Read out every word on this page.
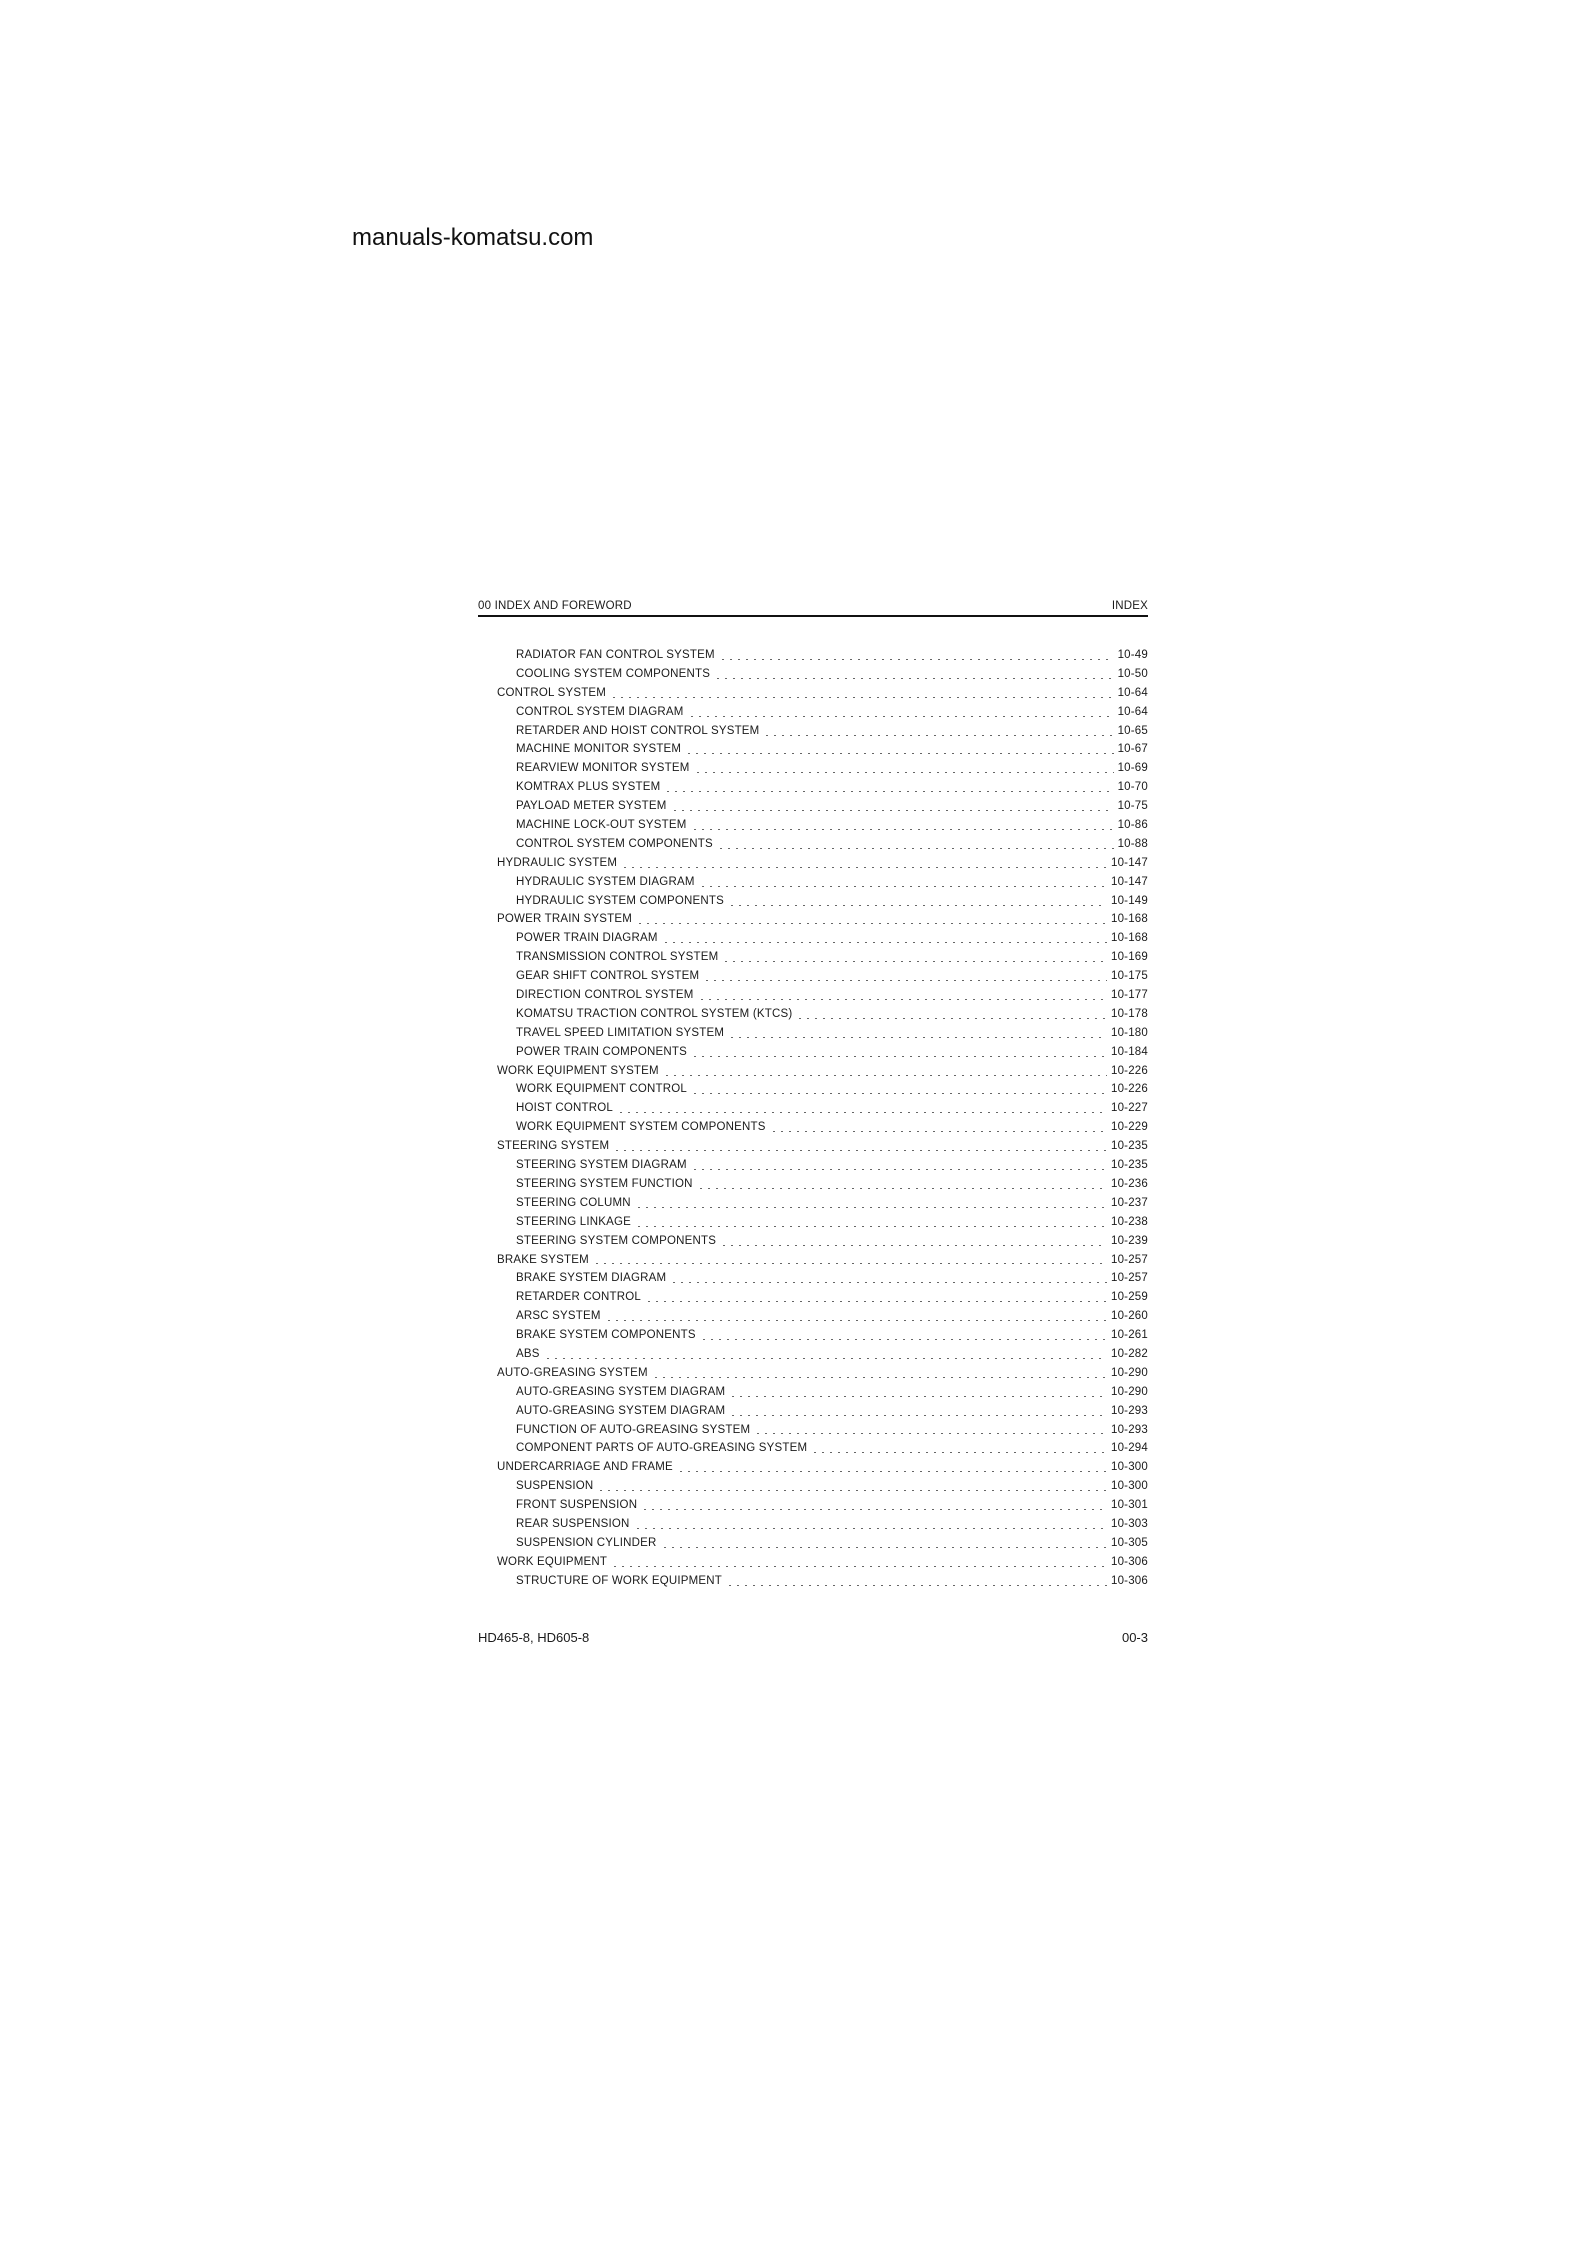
manuals-komatsu.com
00 INDEX AND FOREWORD	INDEX
RADIATOR FAN CONTROL SYSTEM	10-49
COOLING SYSTEM COMPONENTS	10-50
CONTROL SYSTEM	10-64
CONTROL SYSTEM DIAGRAM	10-64
RETARDER AND HOIST CONTROL SYSTEM	10-65
MACHINE MONITOR SYSTEM	10-67
REARVIEW MONITOR SYSTEM	10-69
KOMTRAX PLUS SYSTEM	10-70
PAYLOAD METER SYSTEM	10-75
MACHINE LOCK-OUT SYSTEM	10-86
CONTROL SYSTEM COMPONENTS	10-88
HYDRAULIC SYSTEM	10-147
HYDRAULIC SYSTEM DIAGRAM	10-147
HYDRAULIC SYSTEM COMPONENTS	10-149
POWER TRAIN SYSTEM	10-168
POWER TRAIN DIAGRAM	10-168
TRANSMISSION CONTROL SYSTEM	10-169
GEAR SHIFT CONTROL SYSTEM	10-175
DIRECTION CONTROL SYSTEM	10-177
KOMATSU TRACTION CONTROL SYSTEM (KTCS)	10-178
TRAVEL SPEED LIMITATION SYSTEM	10-180
POWER TRAIN COMPONENTS	10-184
WORK EQUIPMENT SYSTEM	10-226
WORK EQUIPMENT CONTROL	10-226
HOIST CONTROL	10-227
WORK EQUIPMENT SYSTEM COMPONENTS	10-229
STEERING SYSTEM	10-235
STEERING SYSTEM DIAGRAM	10-235
STEERING SYSTEM FUNCTION	10-236
STEERING COLUMN	10-237
STEERING LINKAGE	10-238
STEERING SYSTEM COMPONENTS	10-239
BRAKE SYSTEM	10-257
BRAKE SYSTEM DIAGRAM	10-257
RETARDER CONTROL	10-259
ARSC SYSTEM	10-260
BRAKE SYSTEM COMPONENTS	10-261
ABS	10-282
AUTO-GREASING SYSTEM	10-290
AUTO-GREASING SYSTEM DIAGRAM	10-290
AUTO-GREASING SYSTEM DIAGRAM	10-293
FUNCTION OF AUTO-GREASING SYSTEM	10-293
COMPONENT PARTS OF AUTO-GREASING SYSTEM	10-294
UNDERCARRIAGE AND FRAME	10-300
SUSPENSION	10-300
FRONT SUSPENSION	10-301
REAR SUSPENSION	10-303
SUSPENSION CYLINDER	10-305
WORK EQUIPMENT	10-306
STRUCTURE OF WORK EQUIPMENT	10-306
HD465-8, HD605-8	00-3
